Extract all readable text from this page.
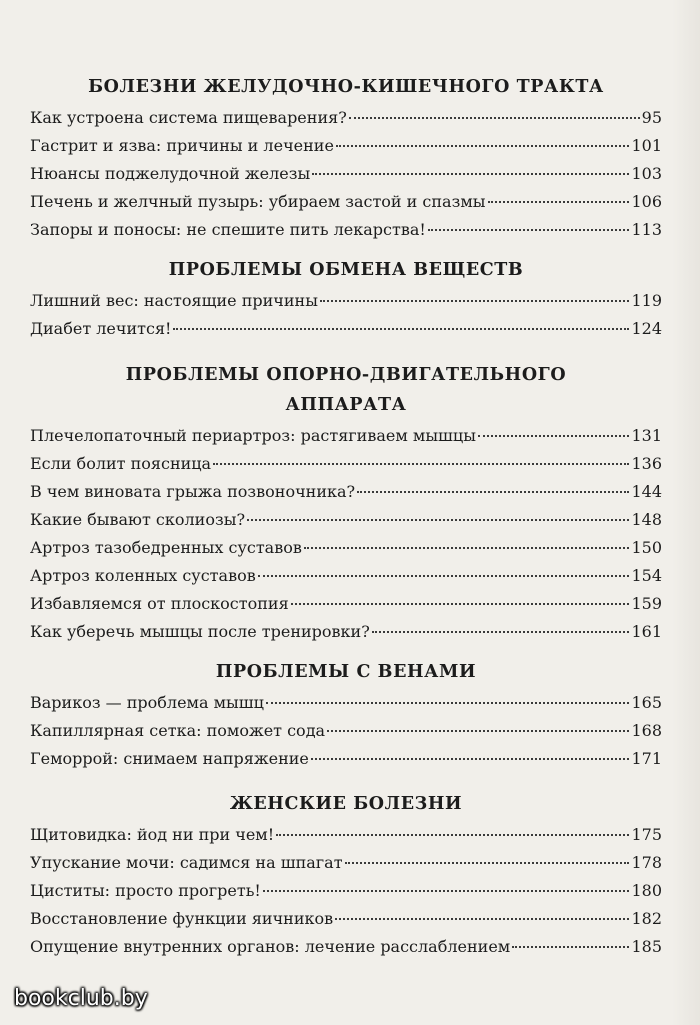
БОЛЕЗНИ ЖЕЛУДОЧНО-КИШЕЧНОГО ТРАКТА
Как устроена система пищеварения?	95
Гастрит и язва: причины и лечение	101
Нюансы поджелудочной железы	103
Печень и желчный пузырь: убираем застой и спазмы	106
Запоры и поносы: не спешите пить лекарства!	113
ПРОБЛЕМЫ ОБМЕНА ВЕЩЕСТВ
Лишний вес: настоящие причины	119
Диабет лечится!	124
ПРОБЛЕМЫ ОПОРНО-ДВИГАТЕЛЬНОГО
АППАРАТА
Плечелопаточный периартроз: растягиваем мышцы	131
Если болит поясница	136
В чем виновата грыжа позвоночника?	144
Какие бывают сколиозы?	148
Артроз тазобедренных суставов	150
Артроз коленных суставов	154
Избавляемся от плоскостопия	159
Как уберечь мышцы после тренировки?	161
ПРОБЛЕМЫ С ВЕНАМИ
Варикоз — проблема мышц	165
Капиллярная сетка: поможет сода	168
Геморрой: снимаем напряжение	171
ЖЕНСКИЕ БОЛЕЗНИ
Щитовидка: йод ни при чем!	175
Упускание мочи: садимся на шпагат	178
Циститы: просто прогреть!	180
Восстановление функции яичников	182
Опущение внутренних органов: лечение расслаблением	185
bookclub.by
